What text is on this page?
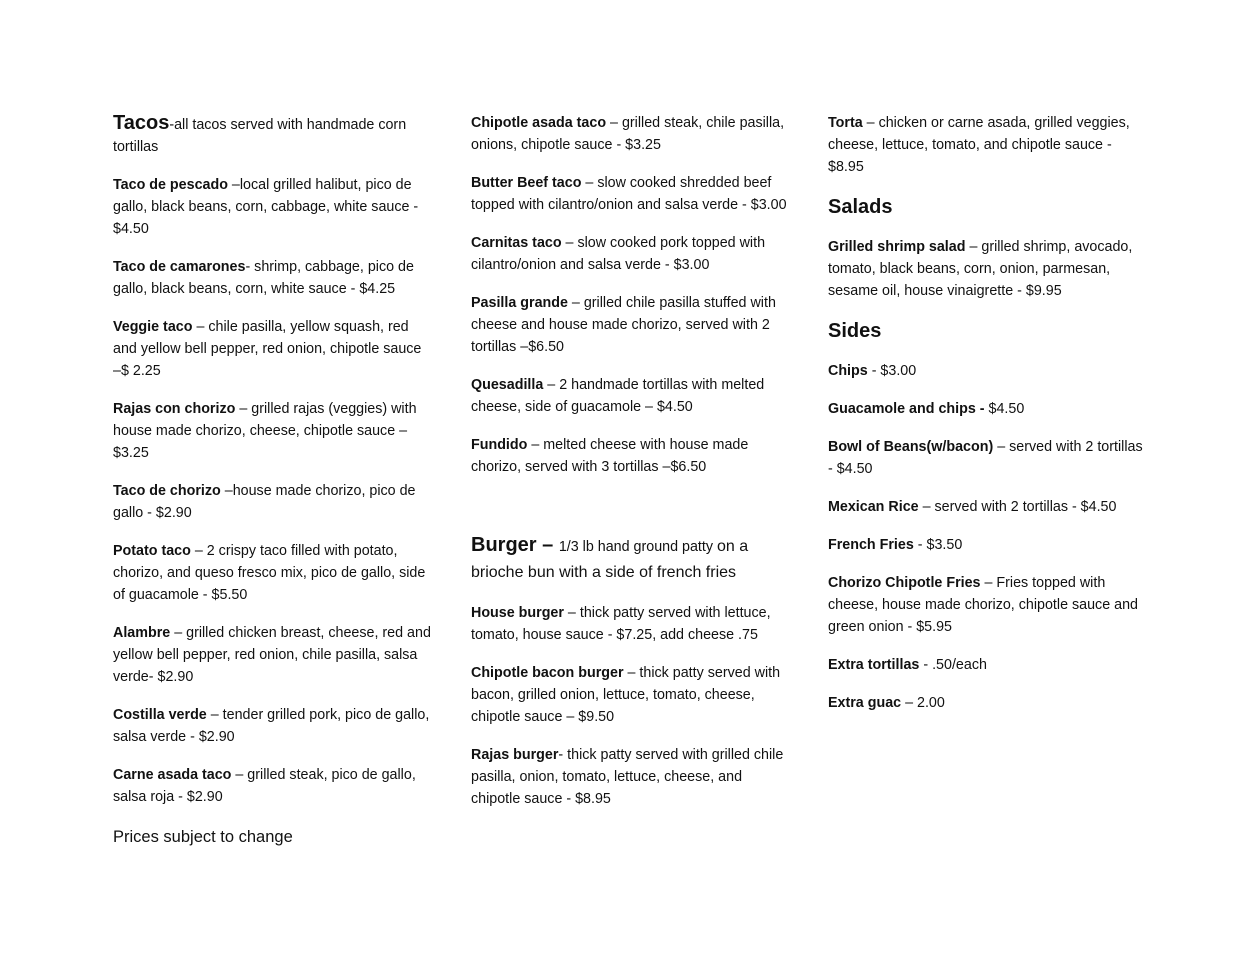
Tacos-all tacos served with handmade corn tortillas
Taco de pescado –local grilled halibut, pico de gallo, black beans, corn, cabbage, white sauce - $4.50
Taco de camarones- shrimp, cabbage, pico de gallo, black beans, corn, white sauce - $4.25
Veggie taco – chile pasilla, yellow squash, red and yellow bell pepper, red onion, chipotle sauce –$ 2.25
Rajas con chorizo – grilled rajas (veggies) with house made chorizo, cheese, chipotle sauce – $3.25
Taco de chorizo –house made chorizo, pico de gallo - $2.90
Potato taco – 2 crispy taco filled with potato, chorizo, and queso fresco mix, pico de gallo, side of guacamole - $5.50
Alambre – grilled chicken breast, cheese, red and yellow bell pepper, red onion, chile pasilla, salsa verde- $2.90
Costilla verde – tender grilled pork, pico de gallo, salsa verde - $2.90
Carne asada taco – grilled steak, pico de gallo, salsa roja - $2.90
Prices subject to change
Chipotle asada taco – grilled steak, chile pasilla, onions, chipotle sauce - $3.25
Butter Beef taco – slow cooked shredded beef topped with cilantro/onion and salsa verde - $3.00
Carnitas taco – slow cooked pork topped with cilantro/onion and salsa verde - $3.00
Pasilla grande – grilled chile pasilla stuffed with cheese and house made chorizo, served with 2 tortillas –$6.50
Quesadilla – 2 handmade tortillas with melted cheese, side of guacamole – $4.50
Fundido – melted cheese with house made chorizo, served with 3 tortillas –$6.50
Burger – 1/3 lb hand ground patty on a brioche bun with a side of french fries
House burger – thick patty served with lettuce, tomato, house sauce - $7.25, add cheese .75
Chipotle bacon burger – thick patty served with bacon, grilled onion, lettuce, tomato, cheese, chipotle sauce – $9.50
Rajas burger- thick patty served with grilled chile pasilla, onion, tomato, lettuce, cheese, and chipotle sauce - $8.95
Torta – chicken or carne asada, grilled veggies, cheese, lettuce, tomato, and chipotle sauce - $8.95
Salads
Grilled shrimp salad – grilled shrimp, avocado, tomato, black beans, corn, onion, parmesan, sesame oil, house vinaigrette - $9.95
Sides
Chips - $3.00
Guacamole and chips - $4.50
Bowl of Beans(w/bacon) – served with 2 tortillas - $4.50
Mexican Rice – served with 2 tortillas - $4.50
French Fries - $3.50
Chorizo Chipotle Fries – Fries topped with cheese, house made chorizo, chipotle sauce and green onion - $5.95
Extra tortillas - .50/each
Extra guac – 2.00
